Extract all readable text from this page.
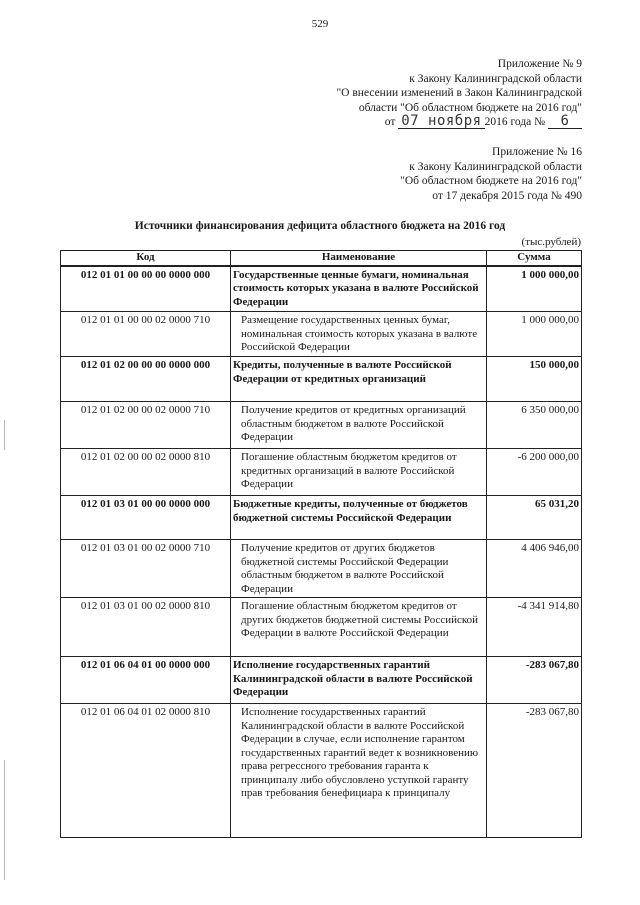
529
Приложение № 9
к Закону Калининградской области
"О внесении изменений в Закон Калининградской
области "Об областном бюджете на 2016 год"
от 07 ноября 2016 года № 6
Приложение № 16
к Закону Калининградской области
"Об областном бюджете на 2016 год"
от 17 декабря 2015 года № 490
Источники финансирования дефицита областного бюджета на 2016 год
(тыс.рублей)
Код	Наименование	Сумма
012 01 01 00 00 00 0000 000	Государственные ценные бумаги, номинальная стоимость которых указана в валюте Российской Федерации	1 000 000,00
012 01 01 00 00 02 0000 710	Размещение государственных ценных бумаг, номинальная стоимость которых указана в валюте Российской Федерации	1 000 000,00
012 01 02 00 00 00 0000 000	Кредиты, полученные в валюте Российской Федерации от кредитных организаций	150 000,00
012 01 02 00 00 02 0000 710	Получение кредитов от кредитных организаций областным бюджетом в валюте Российской Федерации	6 350 000,00
012 01 02 00 00 02 0000 810	Погашение областным бюджетом кредитов от кредитных организаций в валюте Российской Федерации	-6 200 000,00
012 01 03 01 00 00 0000 000	Бюджетные кредиты, полученные от бюджетов бюджетной системы Российской Федерации	65 031,20
012 01 03 01 00 02 0000 710	Получение кредитов от других бюджетов бюджетной системы Российской Федерации областным бюджетом в валюте Российской Федерации	4 406 946,00
012 01 03 01 00 02 0000 810	Погашение областным бюджетом кредитов от других бюджетов бюджетной системы Российской Федерации в валюте Российской Федерации	-4 341 914,80
012 01 06 04 01 00 0000 000	Исполнение государственных гарантий Калининградской области в валюте Российской Федерации	-283 067,80
012 01 06 04 01 02 0000 810	Исполнение государственных гарантий Калининградской области в валюте Российской Федерации в случае, если исполнение гарантом государственных гарантий ведет к возникновению права регрессного требования гаранта к принципалу либо обусловлено уступкой гаранту прав требования бенефициара к принципалу	-283 067,80
